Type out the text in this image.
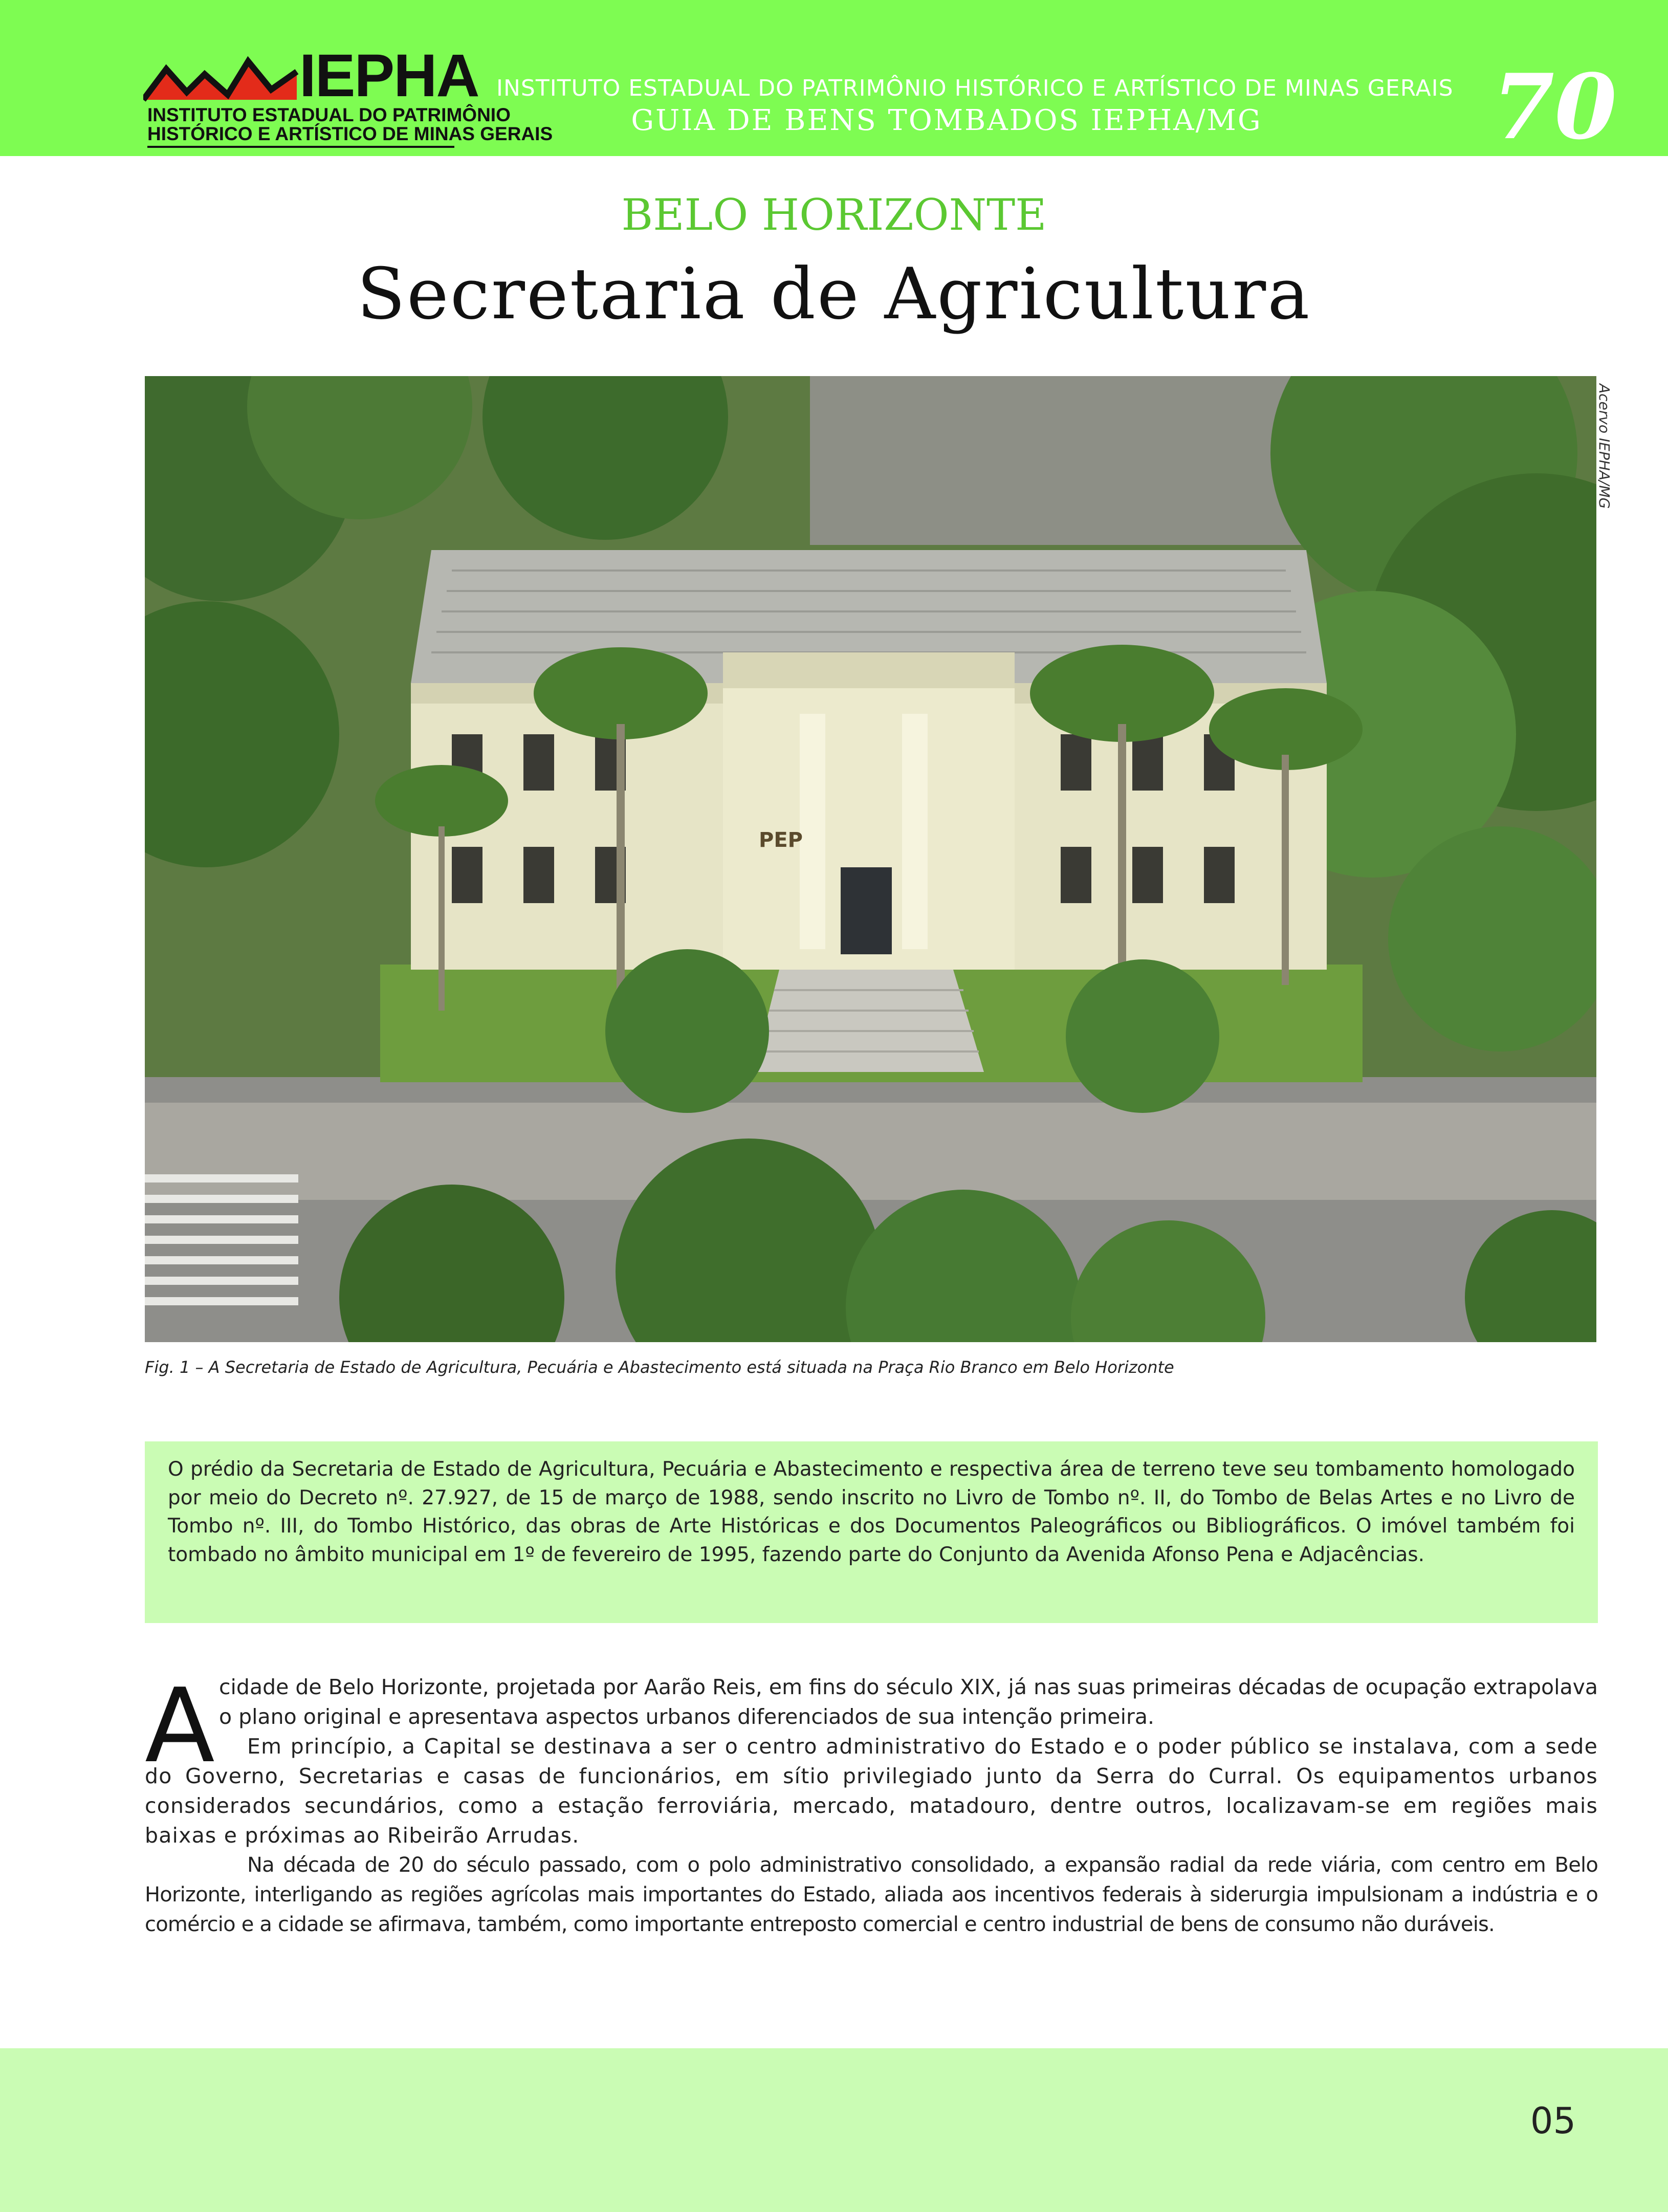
IEPHA
INSTITUTO ESTADUAL DO PATRIMÔNIO
HISTÓRICO E ARTÍSTICO DE MINAS GERAIS
INSTITUTO ESTADUAL DO PATRIMÔNIO HISTÓRICO E ARTÍSTICO DE MINAS GERAIS
GUIA DE BENS TOMBADOS IEPHA/MG	70
BELO HORIZONTE
Secretaria de Agricultura
PEP
Acervo IEPHA/MG
Fig. 1 – A Secretaria de Estado de Agricultura, Pecuária e Abastecimento está situada na Praça Rio Branco em Belo Horizonte

O prédio da Secretaria de Estado de Agricultura, Pecuária e Abastecimento e respectiva área de terreno teve seu tombamento homologado por meio do Decreto nº. 27.927, de 15 de março de 1988, sendo inscrito no Livro de Tombo nº. II, do Tombo de Belas Artes e no Livro de Tombo nº. III, do Tombo Histórico, das obras de Arte Históricas e dos Documentos Paleográficos ou Bibliográficos. O imóvel também foi tombado no âmbito municipal em 1º de fevereiro de 1995, fazendo parte do Conjunto da Avenida Afonso Pena e Adjacências.

A cidade de Belo Horizonte, projetada por Aarão Reis, em fins do século XIX, já nas suas primeiras décadas de ocupação extrapolava o plano original e apresentava aspectos urbanos diferenciados de sua intenção primeira.

Em princípio, a Capital se destinava a ser o centro administrativo do Estado e o poder público se instalava, com a sede do Governo, Secretarias e casas de funcionários, em sítio privilegiado junto da Serra do Curral. Os equipamentos urbanos considerados secundários, como a estação ferroviária, mercado, matadouro, dentre outros, localizavam-se em regiões mais baixas e próximas ao Ribeirão Arrudas.

Na década de 20 do século passado, com o polo administrativo consolidado, a expansão radial da rede viária, com centro em Belo Horizonte, interligando as regiões agrícolas mais importantes do Estado, aliada aos incentivos federais à siderurgia impulsionam a indústria e o comércio e a cidade se afirmava, também, como importante entreposto comercial e centro industrial de bens de consumo não duráveis.

05
